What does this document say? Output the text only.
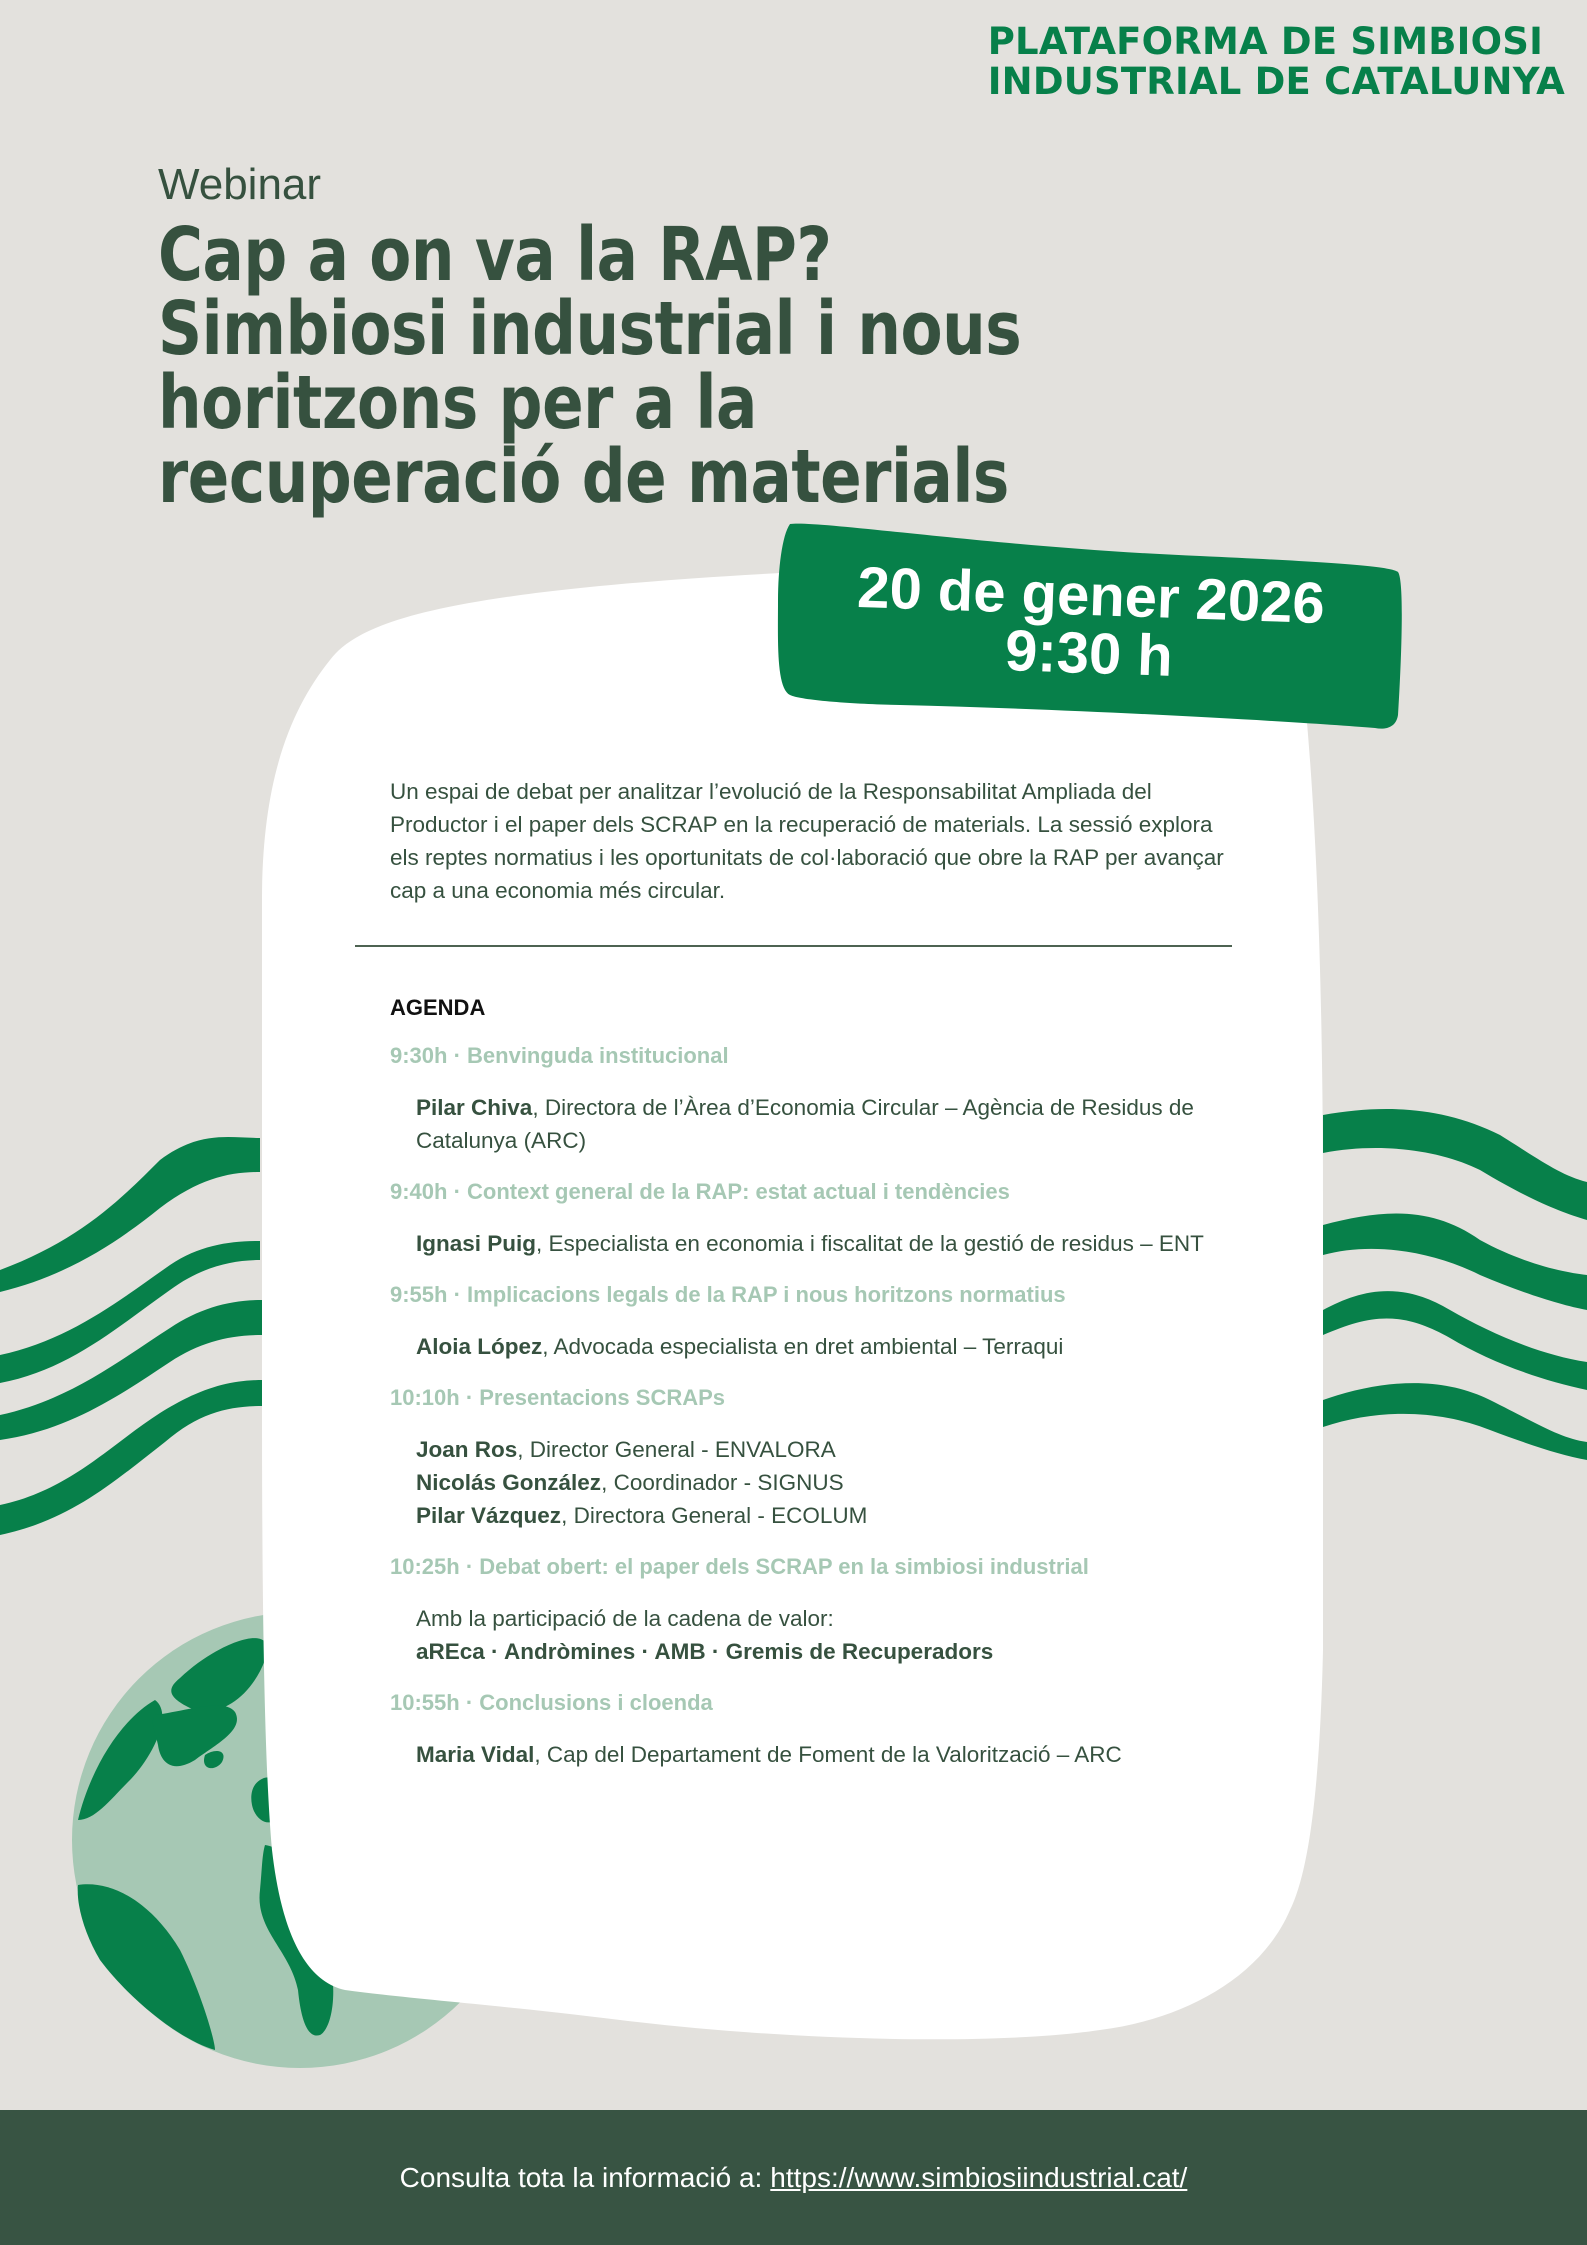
PLATAFORMA DE SIMBIOSI
INDUSTRIAL DE CATALUNYA
Webinar
Cap a on va la RAP?
Simbiosi industrial i nous
horitzons per a la
recuperació de materials
20 de gener 2026
9:30 h

Un espai de debat per analitzar l’evolució de la Responsabilitat Ampliada del Productor i el paper dels SCRAP en la recuperació de materials. La sessió explora els reptes normatius i les oportunitats de col·laboració que obre la RAP per avançar cap a una economia més circular.

AGENDA
9:30h · Benvinguda institucional
Pilar Chiva, Directora de l’Àrea d’Economia Circular – Agència de Residus de Catalunya (ARC)
9:40h · Context general de la RAP: estat actual i tendències
Ignasi Puig, Especialista en economia i fiscalitat de la gestió de residus – ENT
9:55h · Implicacions legals de la RAP i nous horitzons normatius
Aloia López, Advocada especialista en dret ambiental – Terraqui
10:10h · Presentacions SCRAPs
Joan Ros, Director General - ENVALORA
Nicolás González, Coordinador - SIGNUS
Pilar Vázquez, Directora General - ECOLUM
10:25h · Debat obert: el paper dels SCRAP en la simbiosi industrial
Amb la participació de la cadena de valor:
aREca · Andròmines · AMB · Gremis de Recuperadors
10:55h · Conclusions i cloenda
Maria Vidal, Cap del Departament de Foment de la Valorització – ARC
Consulta tota la informació a: https://www.simbiosiindustrial.cat/
